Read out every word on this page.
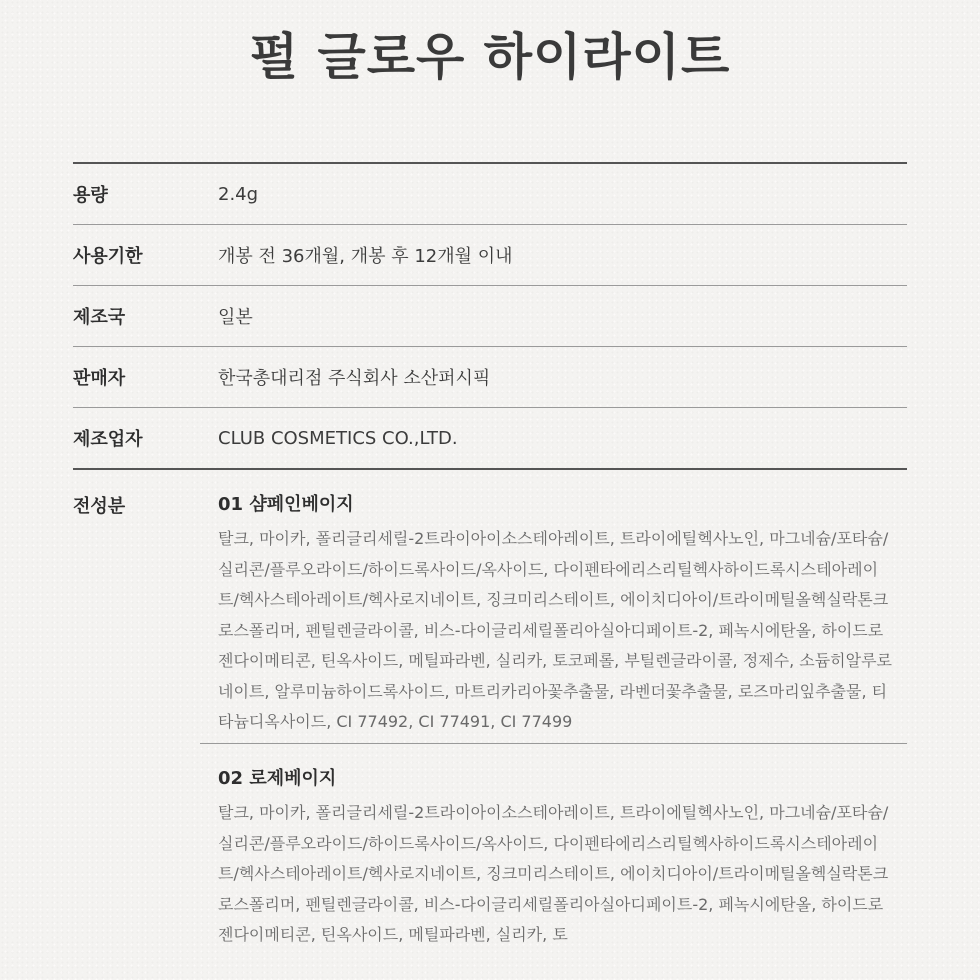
펄 글로우 하이라이트
용량	2.4g
사용기한	개봉 전 36개월, 개봉 후 12개월 이내
제조국	일본
판매자	한국총대리점 주식회사 소산퍼시픽
제조업자	CLUB COSMETICS CO.,LTD.
전성분	01 샴페인베이지
탈크, 마이카, 폴리글리세릴-2트라이아이소스테아레이트, 트라이에틸헥사노인, 마그네슘/포타슘/실리콘/플루오라이드/하이드록사이드/옥사이드, 다이펜타에리스리틸헥사하이드록시스테아레이트/헥사스테아레이트/헥사로지네이트, 징크미리스테이트, 에이치디아이/트라이메틸올헥실락톤크로스폴리머, 펜틸렌글라이콜, 비스-다이글리세릴폴리아실아디페이트-2, 페녹시에탄올, 하이드로젠다이메티콘, 틴옥사이드, 메틸파라벤, 실리카, 토코페롤, 부틸렌글라이콜, 정제수, 소듐히알루로네이트, 알루미늄하이드록사이드, 마트리카리아꽃추출물, 라벤더꽃추출물, 로즈마리잎추출물, 티타늄디옥사이드, CI 77492, CI 77491, CI 77499
02 로제베이지
탈크, 마이카, 폴리글리세릴-2트라이아이소스테아레이트, 트라이에틸헥사노인, 마그네슘/포타슘/실리콘/플루오라이드/하이드록사이드/옥사이드, 다이펜타에리스리틸헥사하이드록시스테아레이트/헥사스테아레이트/헥사로지네이트, 징크미리스테이트, 에이치디아이/트라이메틸올헥실락톤크로스폴리머, 펜틸렌글라이콜, 비스-다이글리세릴폴리아실아디페이트-2, 페녹시에탄올, 하이드로젠다이메티콘, 틴옥사이드, 메틸파라벤, 실리카, 토
